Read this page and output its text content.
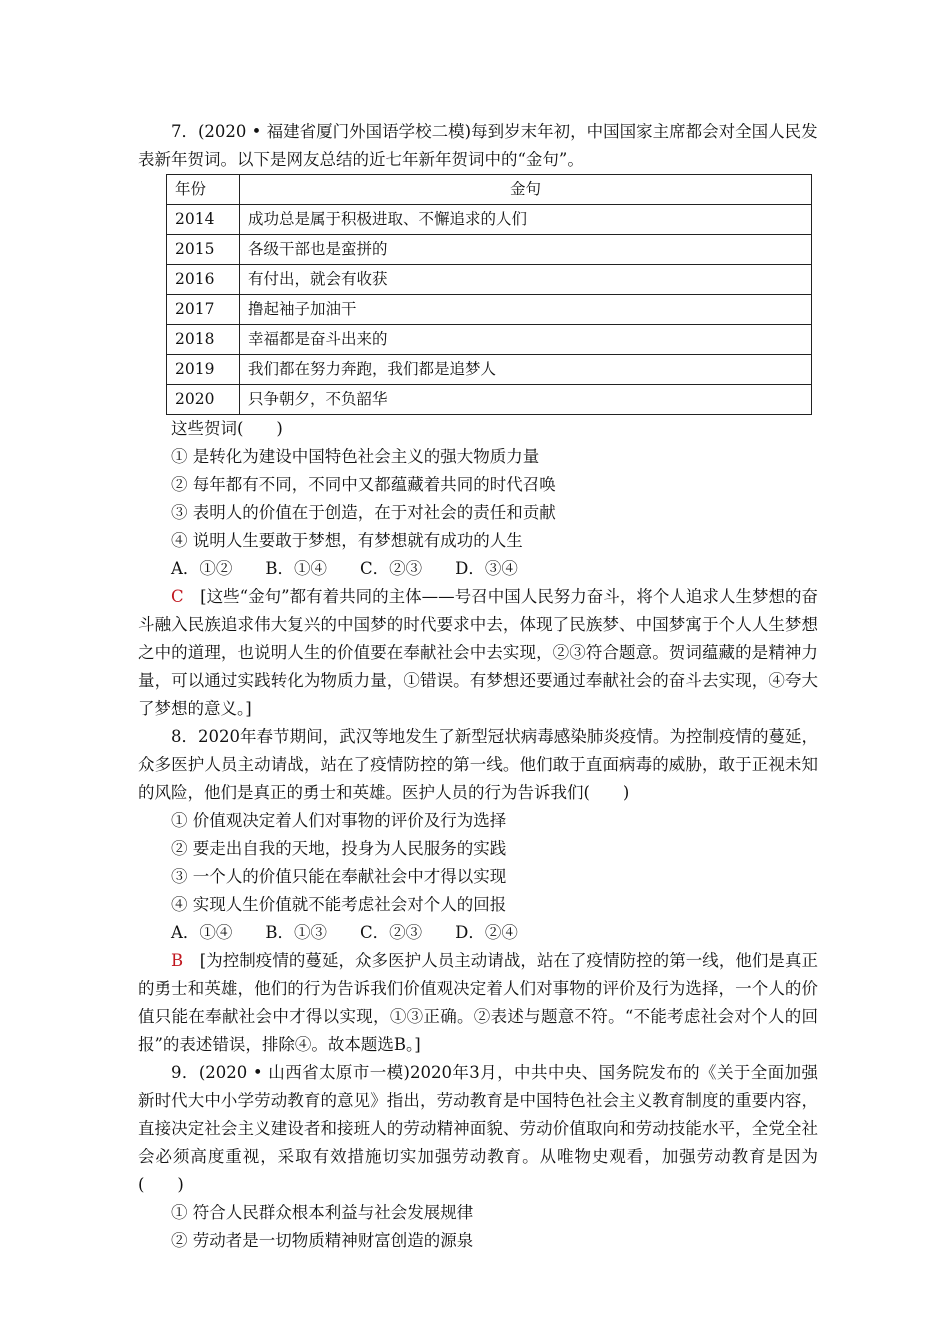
7．(2020 • 福建省厦门外国语学校二模)每到岁末年初，中国国家主席都会对全国人民发
表新年贺词。以下是网友总结的近七年新年贺词中的“金句”。
年份	金句
2014	成功总是属于积极进取、不懈追求的人们
2015	各级干部也是蛮拼的
2016	有付出，就会有收获
2017	撸起袖子加油干
2018	幸福都是奋斗出来的
2019	我们都在努力奔跑，我们都是追梦人
2020	只争朝夕，不负韶华
这些贺词(　　)
① 是转化为建设中国特色社会主义的强大物质力量
② 每年都有不同，不同中又都蕴藏着共同的时代召唤
③ 表明人的价值在于创造，在于对社会的责任和贡献
④ 说明人生要敢于梦想，有梦想就有成功的人生
A．①②　　B．①④　　C．②③　　D．③④
C　 [这些“金句”都有着共同的主体——号召中国人民努力奋斗，将个人追求人生梦想的奋斗融入民族追求伟大复兴的中国梦的时代要求中去，体现了民族梦、中国梦寓于个人人生梦想之中的道理，也说明人生的价值要在奉献社会中去实现，②③符合题意。贺词蕴藏的是精神力量，可以通过实践转化为物质力量，①错误。有梦想还要通过奉献社会的奋斗去实现，④夸大了梦想的意义。]
8．2020年春节期间，武汉等地发生了新型冠状病毒感染肺炎疫情。为控制疫情的蔓延，众多医护人员主动请战，站在了疫情防控的第一线。他们敢于直面病毒的威胁，敢于正视未知的风险，他们是真正的勇士和英雄。医护人员的行为告诉我们(　　)
① 价值观决定着人们对事物的评价及行为选择
② 要走出自我的天地，投身为人民服务的实践
③ 一个人的价值只能在奉献社会中才得以实现
④ 实现人生价值就不能考虑社会对个人的回报
A．①④　　B．①③　　C．②③　　D．②④
B　 [为控制疫情的蔓延，众多医护人员主动请战，站在了疫情防控的第一线，他们是真正的勇士和英雄，他们的行为告诉我们价值观决定着人们对事物的评价及行为选择，一个人的价值只能在奉献社会中才得以实现，①③正确。②表述与题意不符。“不能考虑社会对个人的回报”的表述错误，排除④。故本题选B。]
9．(2020 • 山西省太原市一模)2020年3月，中共中央、国务院发布的《关于全面加强新时代大中小学劳动教育的意见》指出，劳动教育是中国特色社会主义教育制度的重要内容，直接决定社会主义建设者和接班人的劳动精神面貌、劳动价值取向和劳动技能水平，全党全社会必须高度重视，采取有效措施切实加强劳动教育。从唯物史观看，加强劳动教育是因为(　　)
① 符合人民群众根本利益与社会发展规律
② 劳动者是一切物质精神财富创造的源泉
